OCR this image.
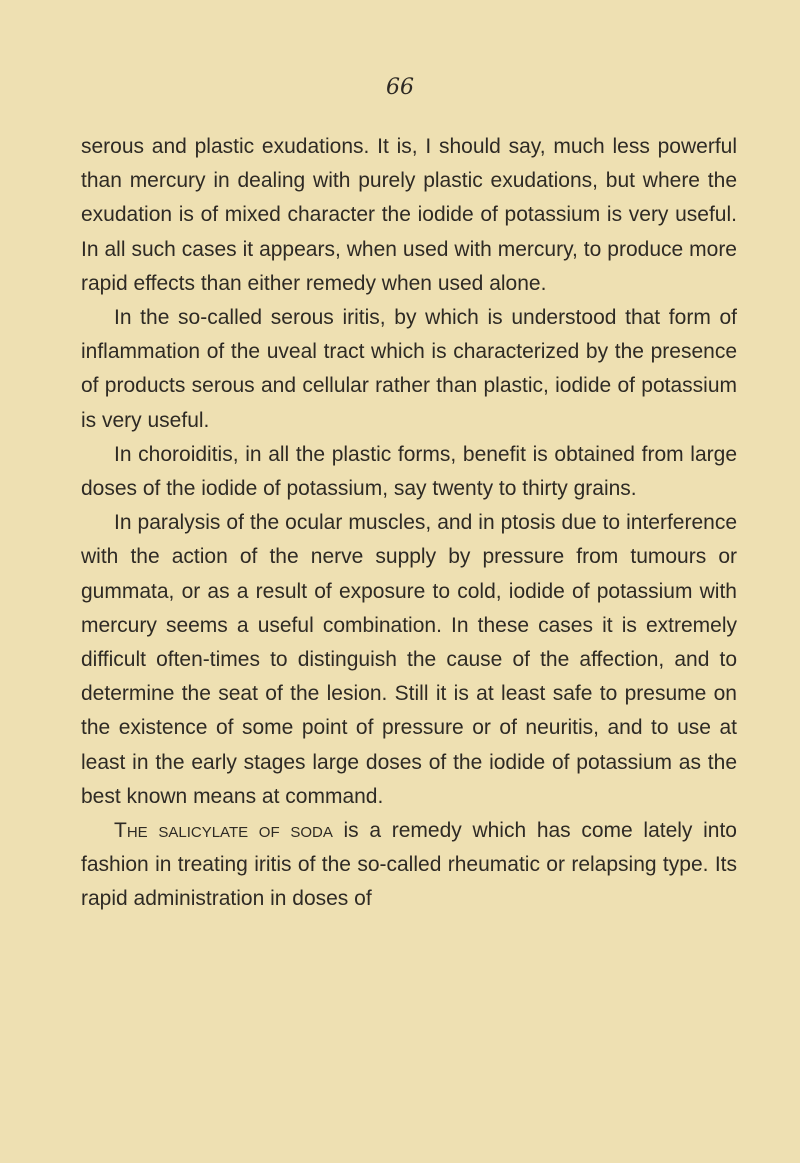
66

serous and plastic exudations. It is, I should say, much less powerful than mercury in dealing with purely plastic exudations, but where the exudation is of mixed character the iodide of potassium is very useful. In all such cases it appears, when used with mercury, to produce more rapid effects than either remedy when used alone.

In the so-called serous iritis, by which is understood that form of inflammation of the uveal tract which is characterized by the presence of products serous and cellular rather than plastic, iodide of potassium is very useful.

In choroiditis, in all the plastic forms, benefit is obtained from large doses of the iodide of potassium, say twenty to thirty grains.

In paralysis of the ocular muscles, and in ptosis due to interference with the action of the nerve supply by pressure from tumours or gummata, or as a result of exposure to cold, iodide of potassium with mercury seems a useful combination. In these cases it is extremely difficult often-times to distinguish the cause of the affection, and to determine the seat of the lesion. Still it is at least safe to presume on the existence of some point of pressure or of neuritis, and to use at least in the early stages large doses of the iodide of potassium as the best known means at command.

The salicylate of soda is a remedy which has come lately into fashion in treating iritis of the so-called rheumatic or relapsing type. Its rapid administration in doses of
